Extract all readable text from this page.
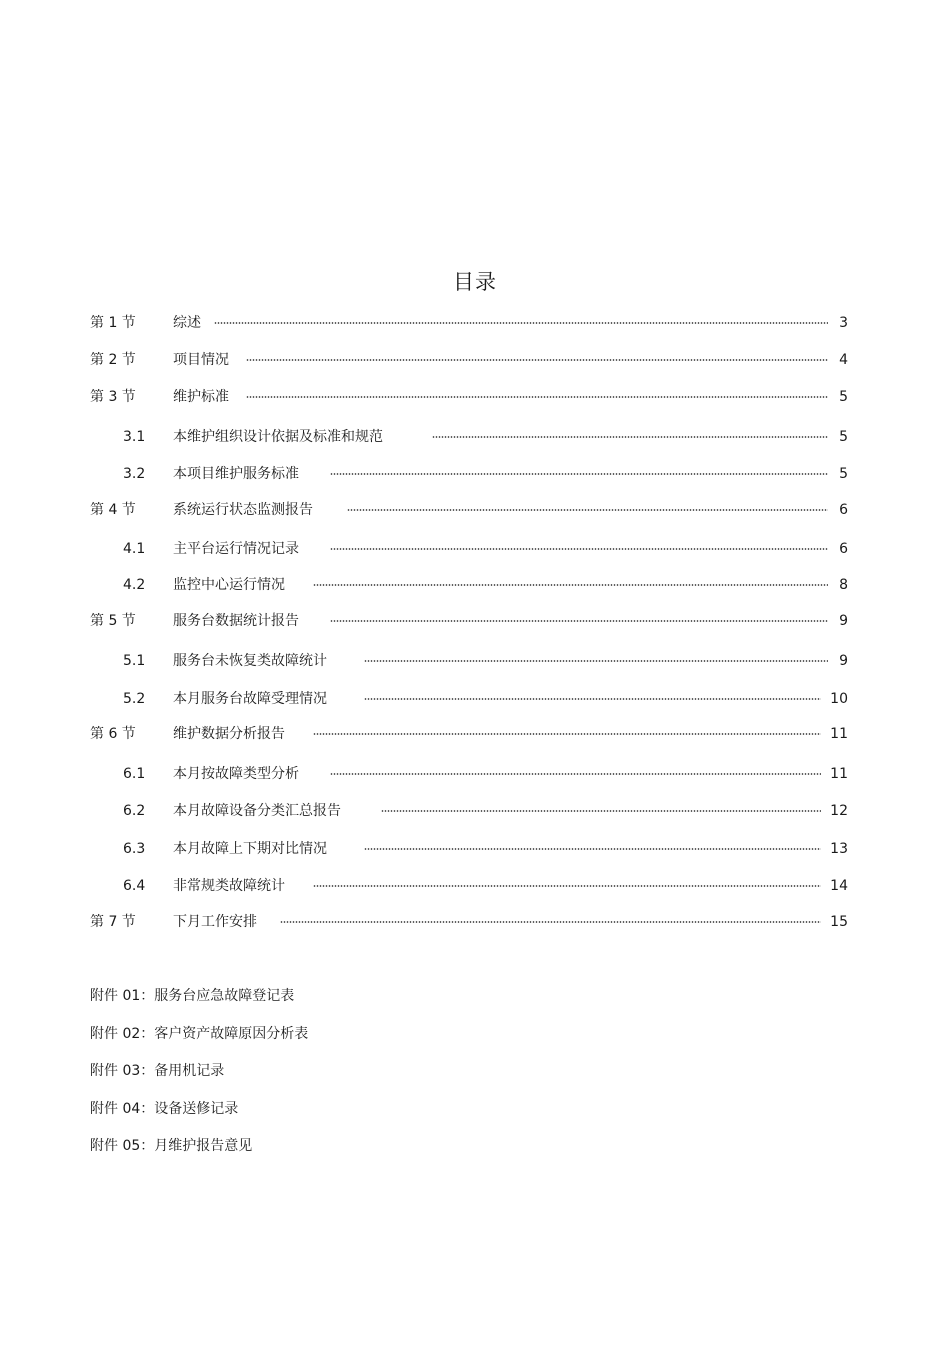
目录
第 1 节	综述	3
第 2 节	项目情况	4
第 3 节	维护标准	5
3.1 本维护组织设计依据及标准和规范	5
3.2 本项目维护服务标准	5
第 4 节	系统运行状态监测报告	6
4.1 主平台运行情况记录	6
4.2 监控中心运行情况	8
第 5 节	服务台数据统计报告	9
5.1 服务台未恢复类故障统计	9
5.2 本月服务台故障受理情况	10
第 6 节	维护数据分析报告	11
6.1 本月按故障类型分析	11
6.2 本月故障设备分类汇总报告	12
6.3 本月故障上下期对比情况	13
6.4 非常规类故障统计	14
第 7 节	下月工作安排	15
附件 01：服务台应急故障登记表
附件 02：客户资产故障原因分析表
附件 03：备用机记录
附件 04：设备送修记录
附件 05：月维护报告意见
